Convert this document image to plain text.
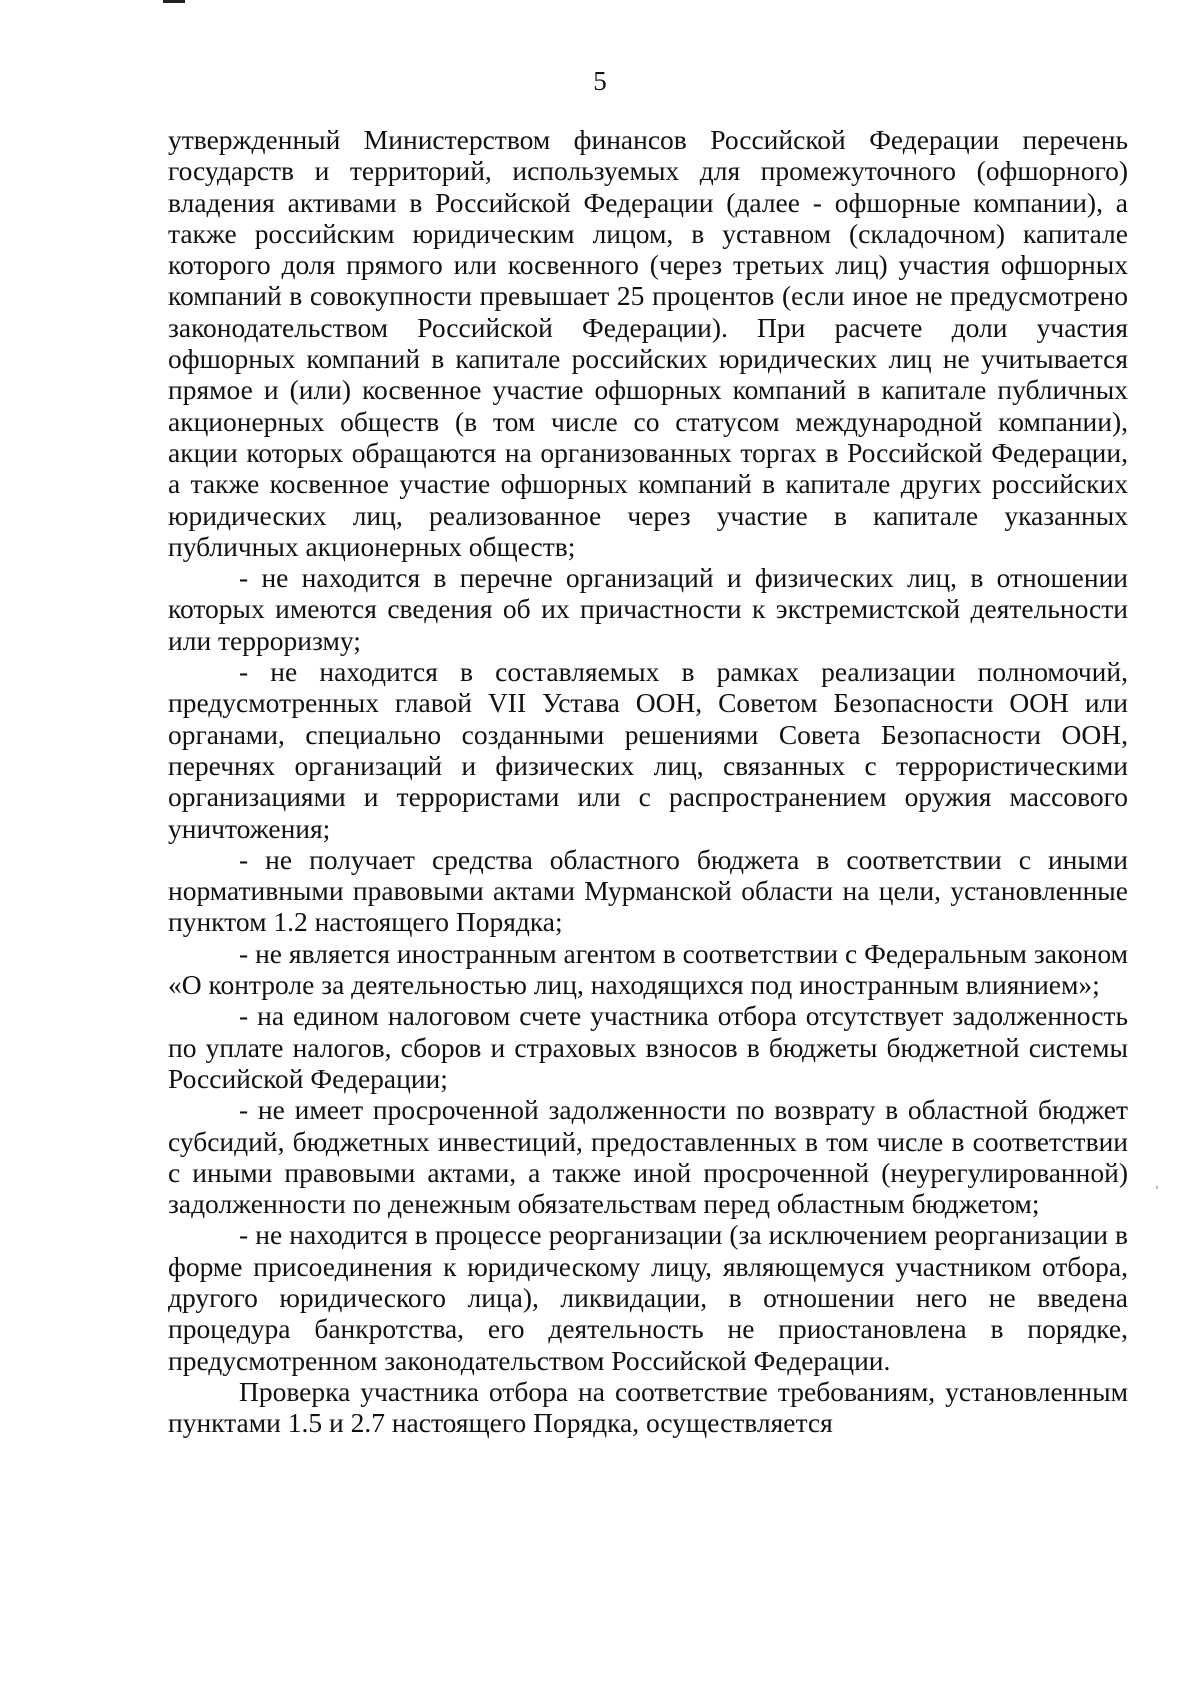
5

утвержденный Министерством финансов Российской Федерации перечень государств и территорий, используемых для промежуточного (офшорного) владения активами в Российской Федерации (далее - офшорные компании), а также российским юридическим лицом, в уставном (складочном) капитале которого доля прямого или косвенного (через третьих лиц) участия офшорных компаний в совокупности превышает 25 процентов (если иное не предусмотрено законодательством Российской Федерации). При расчете доли участия офшорных компаний в капитале российских юридических лиц не учитывается прямое и (или) косвенное участие офшорных компаний в капитале публичных акционерных обществ (в том числе со статусом международной компании), акции которых обращаются на организованных торгах в Российской Федерации, а также косвенное участие офшорных компаний в капитале других российских юридических лиц, реализованное через участие в капитале указанных публичных акционерных обществ;

- не находится в перечне организаций и физических лиц, в отношении которых имеются сведения об их причастности к экстремистской деятельности или терроризму;

- не находится в составляемых в рамках реализации полномочий, предусмотренных главой VII Устава ООН, Советом Безопасности ООН или органами, специально созданными решениями Совета Безопасности ООН, перечнях организаций и физических лиц, связанных с террористическими организациями и террористами или с распространением оружия массового уничтожения;

- не получает средства областного бюджета в соответствии с иными нормативными правовыми актами Мурманской области на цели, установленные пунктом 1.2 настоящего Порядка;

- не является иностранным агентом в соответствии с Федеральным законом «О контроле за деятельностью лиц, находящихся под иностранным влиянием»;

- на едином налоговом счете участника отбора отсутствует задолженность по уплате налогов, сборов и страховых взносов в бюджеты бюджетной системы Российской Федерации;

- не имеет просроченной задолженности по возврату в областной бюджет субсидий, бюджетных инвестиций, предоставленных в том числе в соответствии с иными правовыми актами, а также иной просроченной (неурегулированной) задолженности по денежным обязательствам перед областным бюджетом;

- не находится в процессе реорганизации (за исключением реорганизации в форме присоединения к юридическому лицу, являющемуся участником отбора, другого юридического лица), ликвидации, в отношении него не введена процедура банкротства, его деятельность не приостановлена в порядке, предусмотренном законодательством Российской Федерации.

Проверка участника отбора на соответствие требованиям, установленным пунктами 1.5 и 2.7 настоящего Порядка, осуществляется
